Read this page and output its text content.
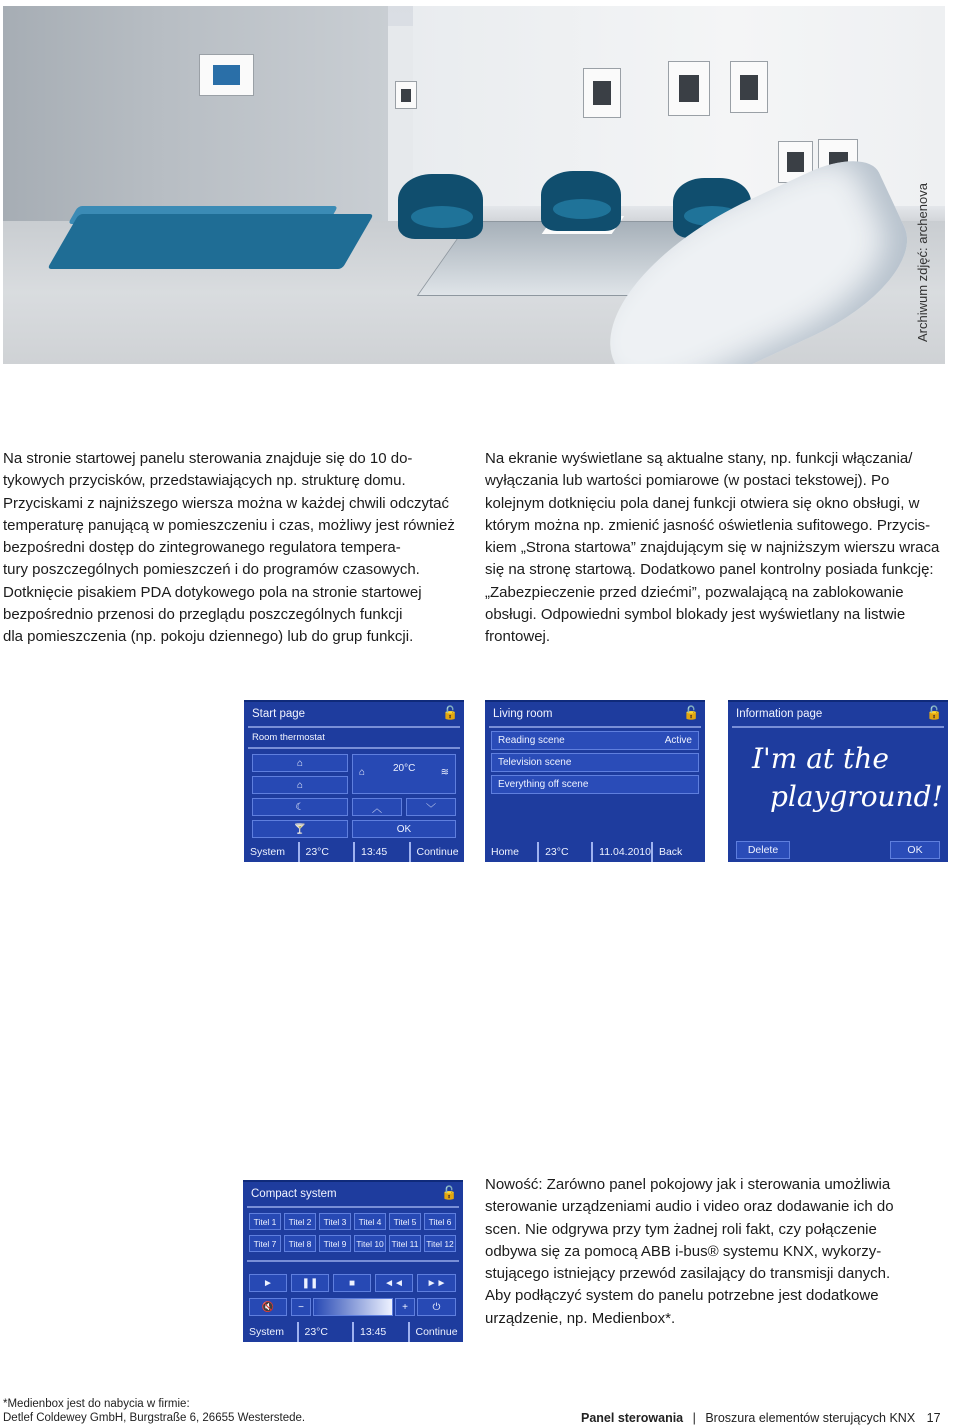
Archiwum zdjęć: archenova
Na stronie startowej panelu sterowania znajduje się do 10 do-
tykowych przycisków, przedstawiających np. strukturę domu.
Przyciskami z najniższego wiersza można w każdej chwili odczytać
temperaturę panującą w pomieszczeniu i czas, możliwy jest również
bezpośredni dostęp do zintegrowanego regulatora tempera-
tury poszczególnych pomieszczeń i do programów czasowych.
Dotknięcie pisakiem PDA dotykowego pola na stronie startowej
bezpośrednio przenosi do przeglądu poszczególnych funkcji
dla pomieszczenia (np. pokoju dziennego) lub do grup funkcji.
Na ekranie wyświetlane są aktualne stany, np. funkcji włączania/
wyłączania lub wartości pomiarowe (w postaci tekstowej). Po
kolejnym dotknięciu pola danej funkcji otwiera się okno obsługi, w
którym można np. zmienić jasność oświetlenia sufitowego. Przycis-
kiem „Strona startowa” znajdującym się w najniższym wierszu wraca
się na stronę startową. Dodatkowo panel kontrolny posiada funkcję:
„Zabezpieczenie przed dziećmi”, pozwalającą na zablokowanie
obsługi. Odpowiedni symbol blokady jest wyświetlany na listwie
frontowej.
Start page	🔓
Room thermostat
⌂
⌂
☾
🍸
⌂	20°C	≋
︿	﹀
OK
System	23°C	13:45	Continue
Living room	🔓
Reading scene	Active
Television scene
Everything off scene
Home	23°C	11.04.2010 Back
Information page	🔓
I'm at the
playground!
Delete	OK
Compact system	🔓
Titel 1	Titel 2	Titel 3	Titel 4	Titel 5	Titel 6
Titel 7	Titel 8	Titel 9	Titel 10 Titel 11 Titel 12
►	❚❚	■	◄◄	►►
🔇	−	+	⏻
System	23°C	13:45	Continue
Nowość: Zarówno panel pokojowy jak i sterowania umożliwia
sterowanie urządzeniami audio i video oraz dodawanie ich do
scen. Nie odgrywa przy tym żadnej roli fakt, czy połączenie
odbywa się za pomocą ABB i-bus® systemu KNX, wykorzy-
stującego istniejący przewód zasilający do transmisji danych.
Aby podłączyć system do panelu potrzebne jest dodatkowe
urządzenie, np. Medienbox*.
*Medienbox jest do nabycia w firmie:
Detlef Coldewey GmbH, Burgstraße 6, 26655 Westerstede.	Panel sterowania | Broszura elementów sterujących KNX 17
